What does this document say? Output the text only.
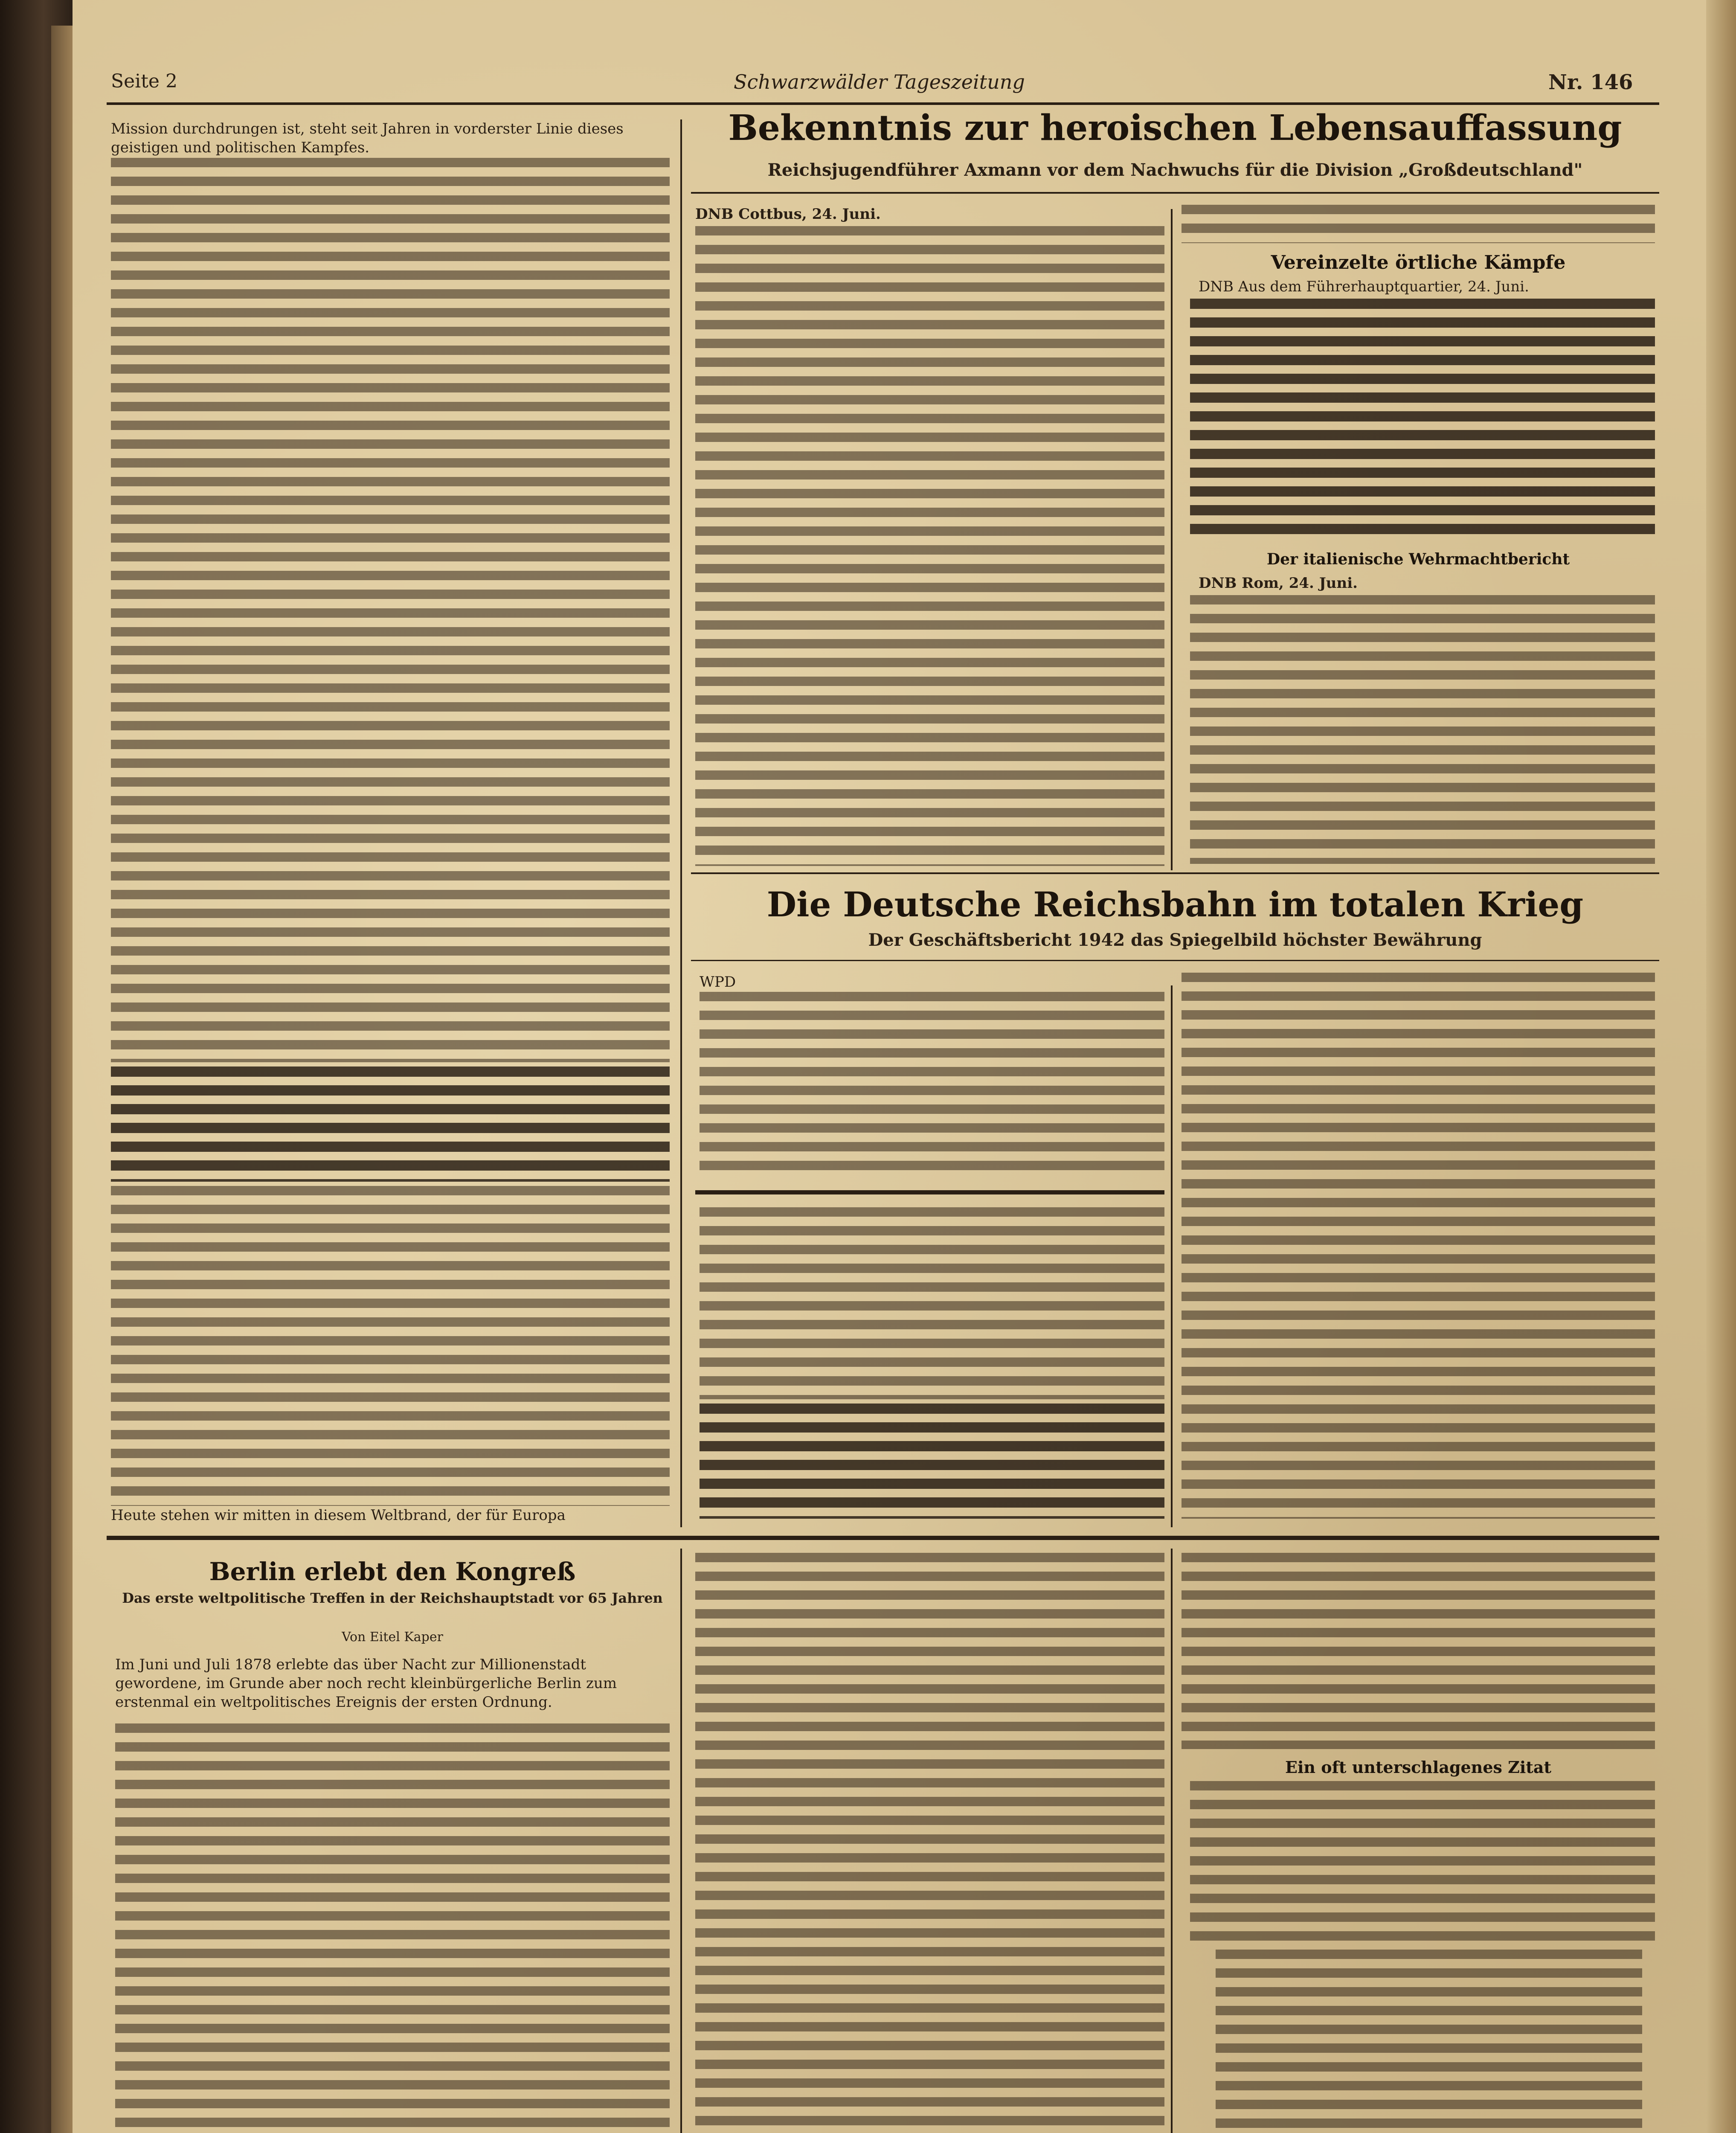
Seite 2	Schwarzwälder Tageszeitung	Nr. 146
Mission durchdrungen ist, steht seit Jahren in vorderster Linie dieses geistigen und politischen Kampfes.
Heute stehen wir mitten in diesem Weltbrand, der für Europa
Bekenntnis zur heroischen Lebensauffassung
Reichsjugendführer Axmann vor dem Nachwuchs für die Division „Großdeutschland"
DNB Cottbus, 24. Juni.
Vereinzelte örtliche Kämpfe
DNB Aus dem Führerhauptquartier, 24. Juni.
Der italienische Wehrmachtbericht
DNB Rom, 24. Juni.
Die Deutsche Reichsbahn im totalen Krieg
Der Geschäftsbericht 1942 das Spiegelbild höchster Bewährung
WPD
Berlin erlebt den Kongreß
Das erste weltpolitische Treffen in der Reichshauptstadt vor 65 Jahren
Von Eitel Kaper
Im Juni und Juli 1878 erlebte das über Nacht zur Millionenstadt gewordene, im Grunde aber noch recht kleinbürgerliche Berlin zum erstenmal ein weltpolitisches Ereignis der ersten Ordnung.
Ein oft unterschlagenes Zitat
